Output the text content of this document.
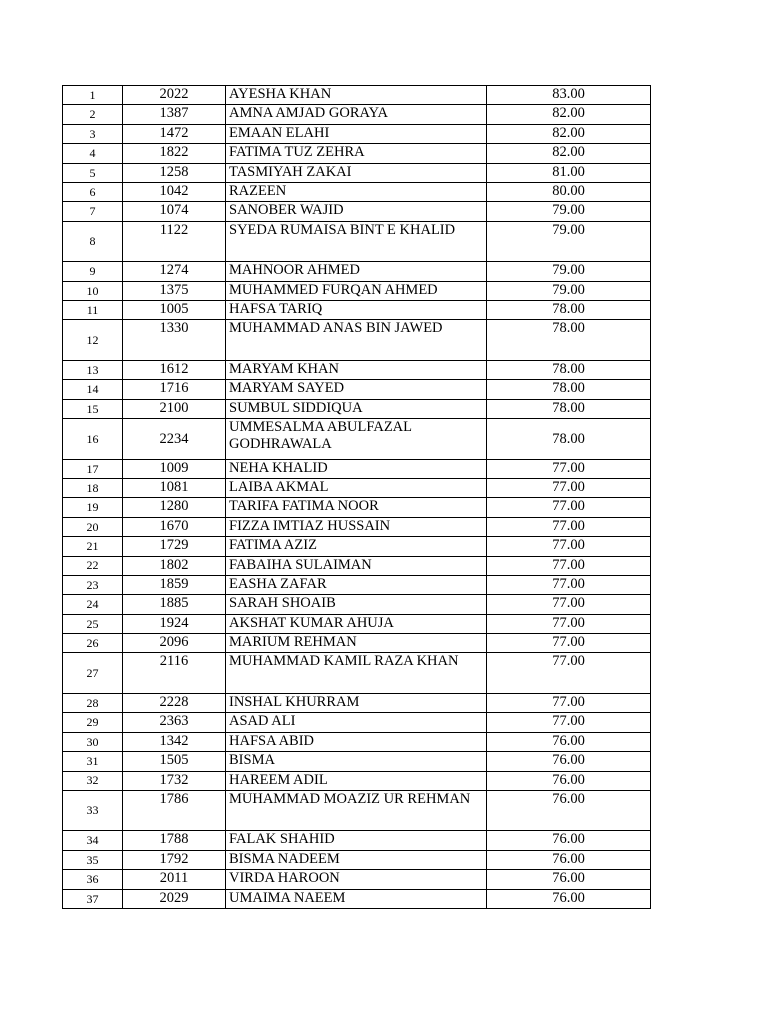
1	2022	AYESHA KHAN	83.00
2	1387	AMNA AMJAD GORAYA	82.00
3	1472	EMAAN ELAHI	82.00
4	1822	FATIMA TUZ ZEHRA	82.00
5	1258	TASMIYAH ZAKAI	81.00
6	1042	RAZEEN	80.00
7	1074	SANOBER WAJID	79.00
8	1122	SYEDA RUMAISA BINT E KHALID	79.00
9	1274	MAHNOOR AHMED	79.00
10	1375	MUHAMMED FURQAN AHMED	79.00
11	1005	HAFSA TARIQ	78.00
12	1330	MUHAMMAD ANAS BIN JAWED	78.00
13	1612	MARYAM KHAN	78.00
14	1716	MARYAM SAYED	78.00
15	2100	SUMBUL SIDDIQUA	78.00
16	2234	UMMESALMA ABULFAZAL GODHRAWALA	78.00
17	1009	NEHA KHALID	77.00
18	1081	LAIBA AKMAL	77.00
19	1280	TARIFA FATIMA NOOR	77.00
20	1670	FIZZA IMTIAZ HUSSAIN	77.00
21	1729	FATIMA AZIZ	77.00
22	1802	FABAIHA SULAIMAN	77.00
23	1859	EASHA ZAFAR	77.00
24	1885	SARAH SHOAIB	77.00
25	1924	AKSHAT KUMAR AHUJA	77.00
26	2096	MARIUM REHMAN	77.00
27	2116	MUHAMMAD KAMIL RAZA KHAN	77.00
28	2228	INSHAL KHURRAM	77.00
29	2363	ASAD ALI	77.00
30	1342	HAFSA ABID	76.00
31	1505	BISMA	76.00
32	1732	HAREEM ADIL	76.00
33	1786	MUHAMMAD MOAZIZ UR REHMAN	76.00
34	1788	FALAK SHAHID	76.00
35	1792	BISMA NADEEM	76.00
36	2011	VIRDA HAROON	76.00
37	2029	UMAIMA NAEEM	76.00
